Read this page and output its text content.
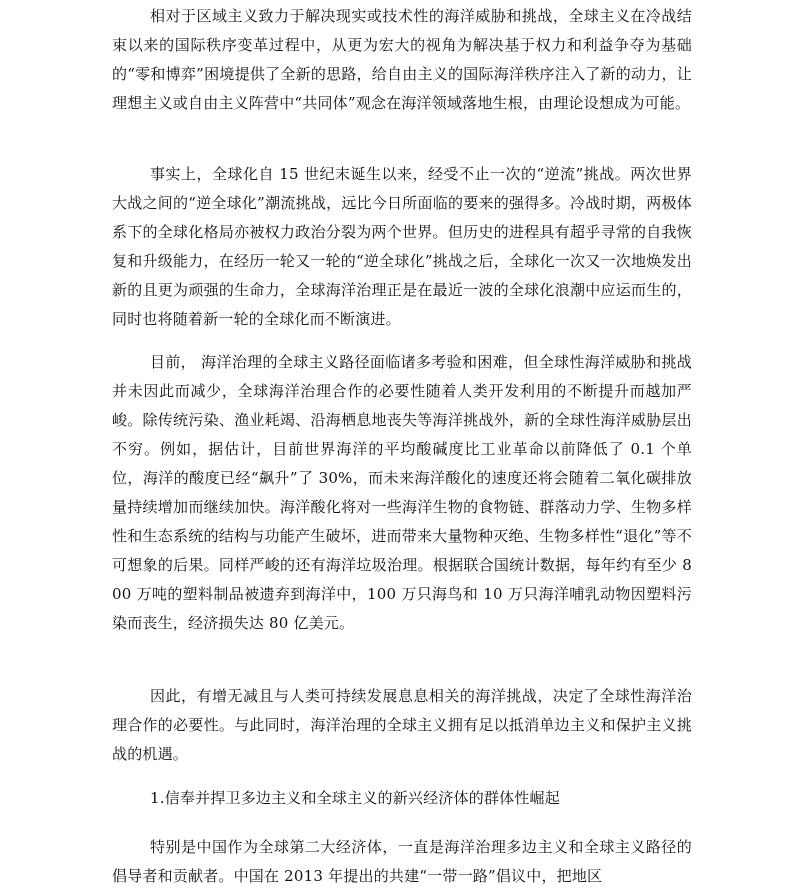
相对于区域主义致力于解决现实或技术性的海洋威胁和挑战，全球主义在冷战结束以来的国际秩序变革过程中，从更为宏大的视角为解决基于权力和利益争夺为基础的“零和博弈”困境提供了全新的思路，给自由主义的国际海洋秩序注入了新的动力，让理想主义或自由主义阵营中“共同体”观念在海洋领域落地生根，由理论设想成为可能。

事实上，全球化自 15 世纪末诞生以来，经受不止一次的“逆流”挑战。两次世界大战之间的“逆全球化”潮流挑战，远比今日所面临的要来的强得多。冷战时期，两极体系下的全球化格局亦被权力政治分裂为两个世界。但历史的进程具有超乎寻常的自我恢复和升级能力，在经历一轮又一轮的“逆全球化”挑战之后，全球化一次又一次地焕发出新的且更为顽强的生命力，全球海洋治理正是在最近一波的全球化浪潮中应运而生的，同时也将随着新一轮的全球化而不断演进。

目前， 海洋治理的全球主义路径面临诸多考验和困难，但全球性海洋威胁和挑战并未因此而减少，全球海洋治理合作的必要性随着人类开发利用的不断提升而越加严峻。除传统污染、渔业耗竭、沿海栖息地丧失等海洋挑战外，新的全球性海洋威胁层出不穷。例如，据估计，目前世界海洋的平均酸碱度比工业革命以前降低了 0.1 个单位，海洋的酸度已经“飙升”了 30%，而未来海洋酸化的速度还将会随着二氧化碳排放量持续增加而继续加快。海洋酸化将对一些海洋生物的食物链、群落动力学、生物多样性和生态系统的结构与功能产生破坏，进而带来大量物种灭绝、生物多样性“退化”等不可想象的后果。同样严峻的还有海洋垃圾治理。根据联合国统计数据，每年约有至少 800 万吨的塑料制品被遗弃到海洋中，100 万只海鸟和 10 万只海洋哺乳动物因塑料污染而丧生，经济损失达 80 亿美元。

因此，有增无减且与人类可持续发展息息相关的海洋挑战，决定了全球性海洋治理合作的必要性。与此同时，海洋治理的全球主义拥有足以抵消单边主义和保护主义挑战的机遇。

1.信奉并捍卫多边主义和全球主义的新兴经济体的群体性崛起

特别是中国作为全球第二大经济体，一直是海洋治理多边主义和全球主义路径的倡导者和贡献者。中国在 2013 年提出的共建“一带一路”倡议中，把地区
